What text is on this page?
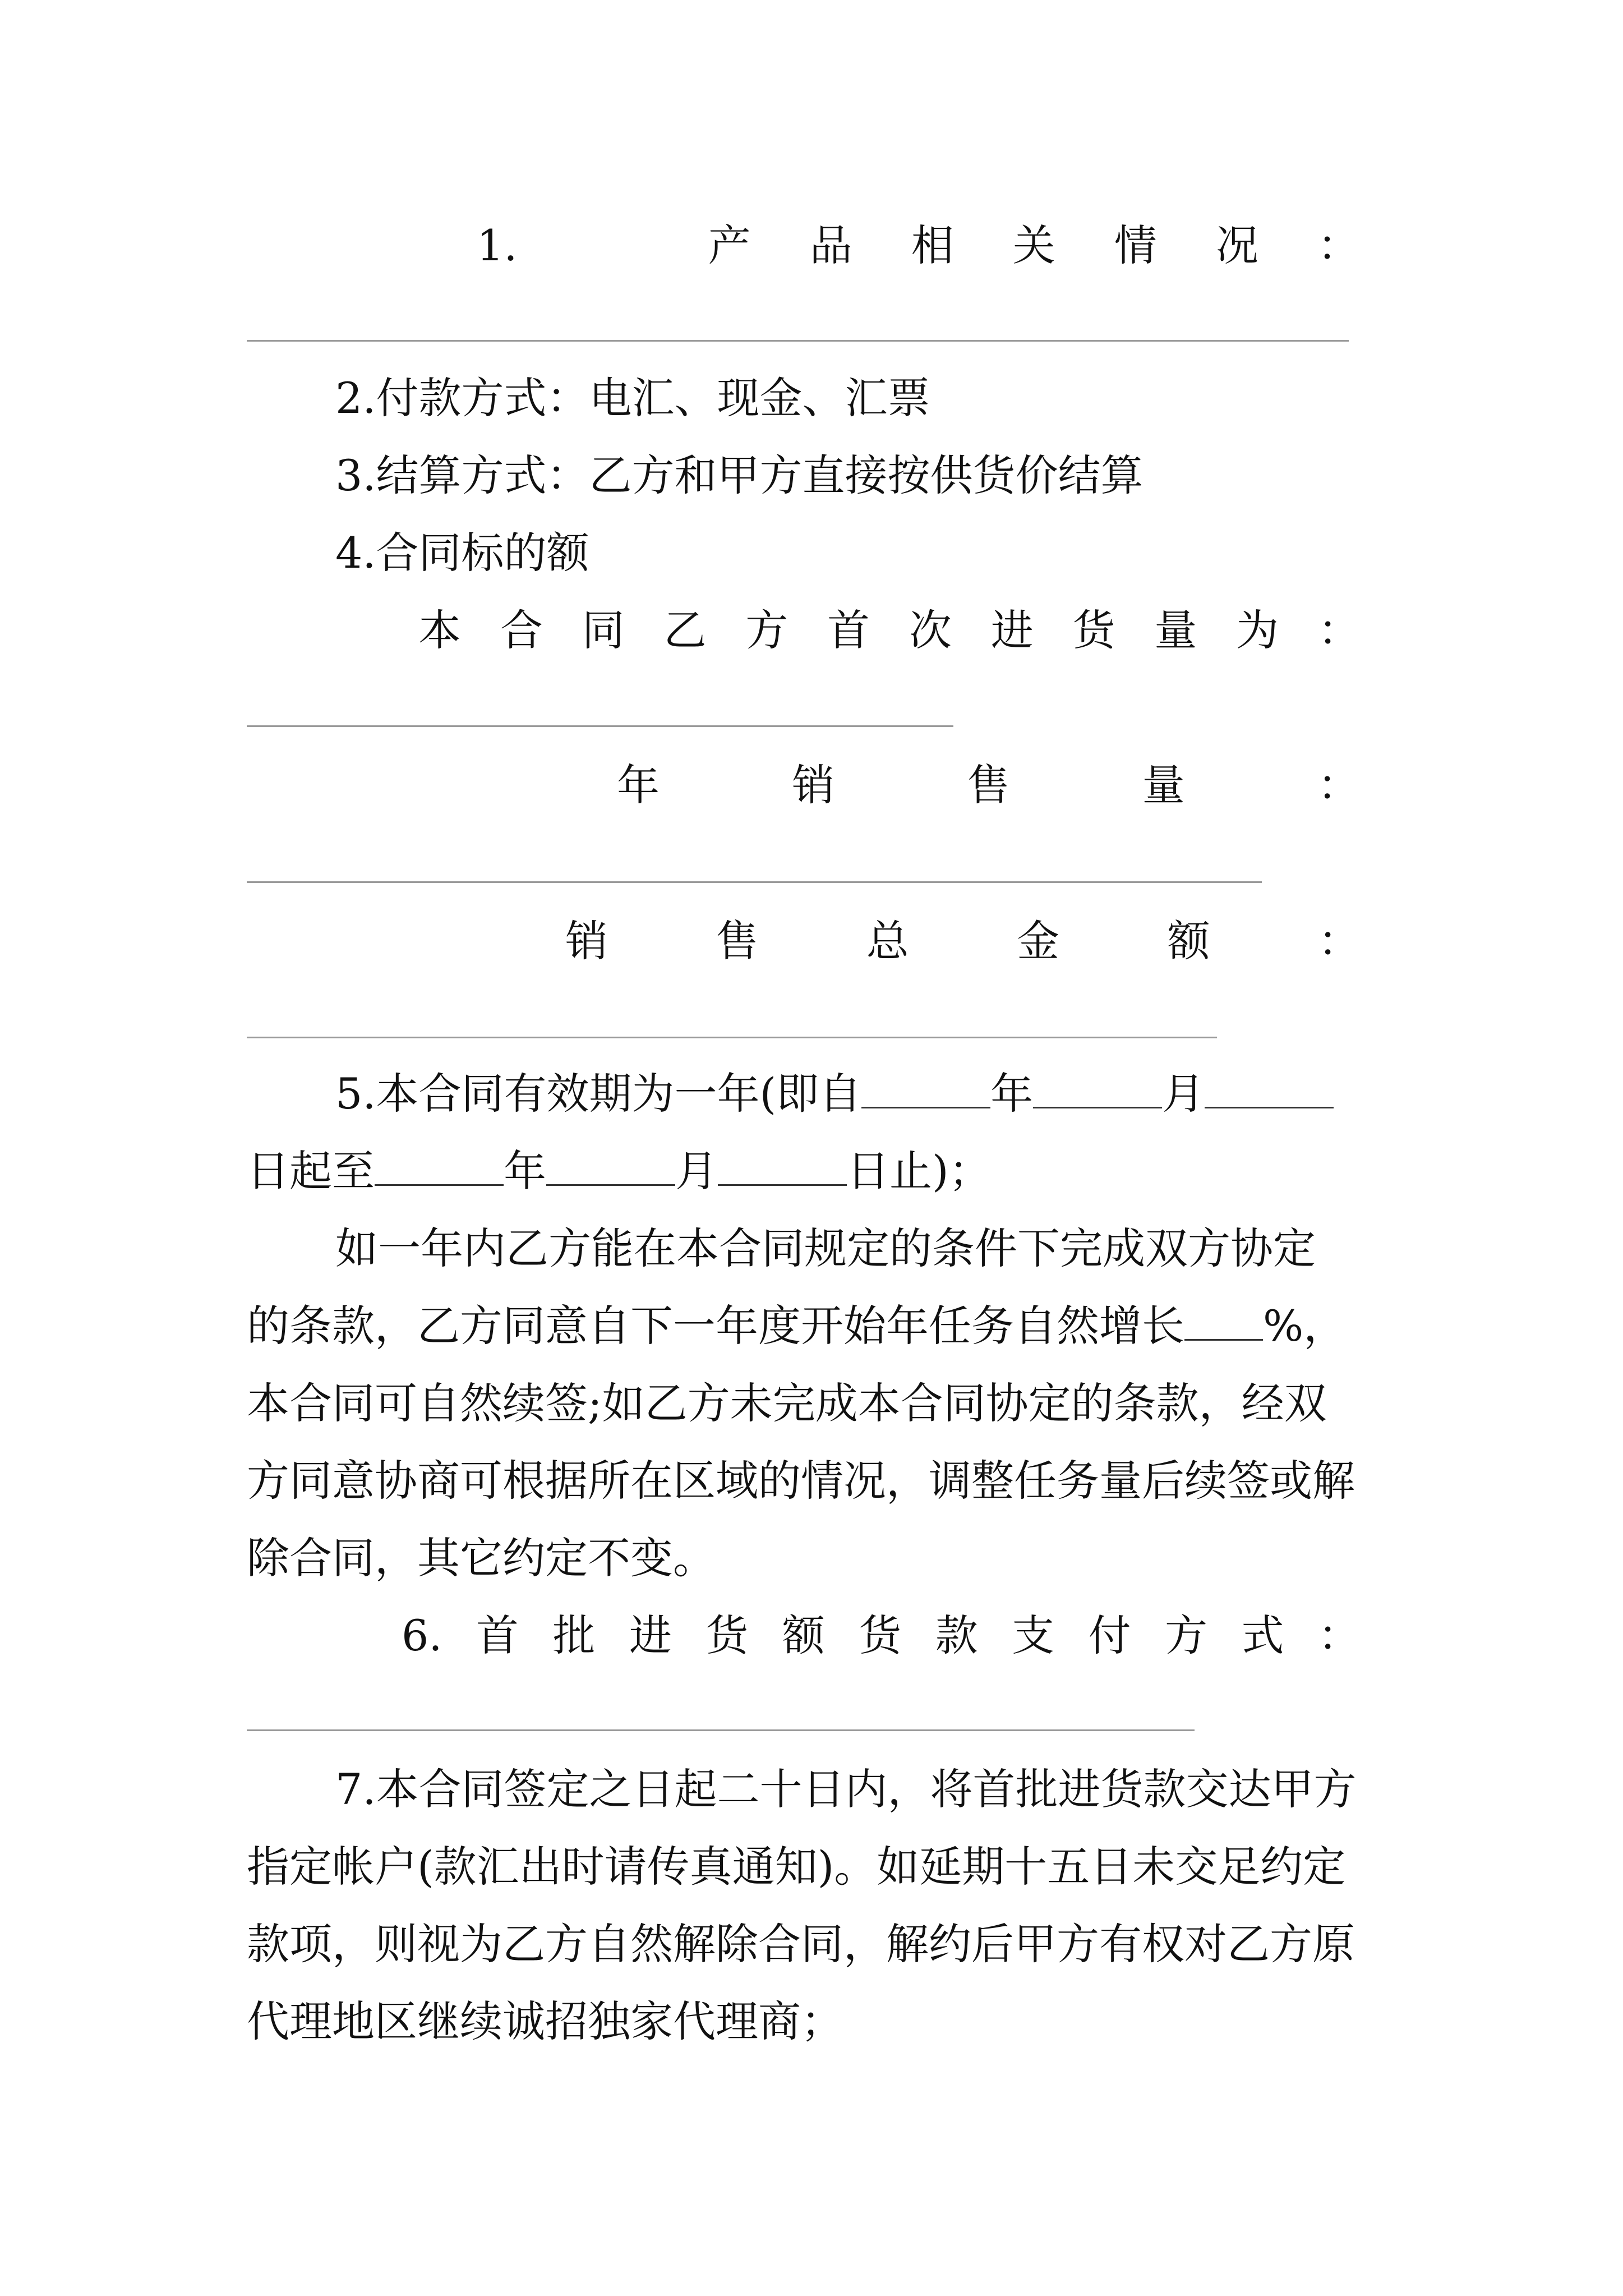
1.	产 品 相 关 情 况 ：
2.付款方式：电汇、现金、汇票
3.结算方式：乙方和甲方直接按供货价结算
4.合同标的额
本 合 同 乙 方 首 次 进 货 量 为 ：
年	销	售	量	：
销	售	总	金	额	：
5.本合同有效期为一年(即自	年	月
日起至	年	月	日止)；
如一年内乙方能在本合同规定的条件下完成双方协定
的条款，乙方同意自下一年度开始年任务自然增长 %，
本合同可自然续签;如乙方未完成本合同协定的条款，经双
方同意协商可根据所在区域的情况，调整任务量后续签或解
除合同，其它约定不变。
6. 首 批 进 货 额 货 款 支 付 方 式 ：
7.本合同签定之日起二十日内，将首批进货款交达甲方
指定帐户(款汇出时请传真通知)。如延期十五日未交足约定
款项，则视为乙方自然解除合同，解约后甲方有权对乙方原
代理地区继续诚招独家代理商；
